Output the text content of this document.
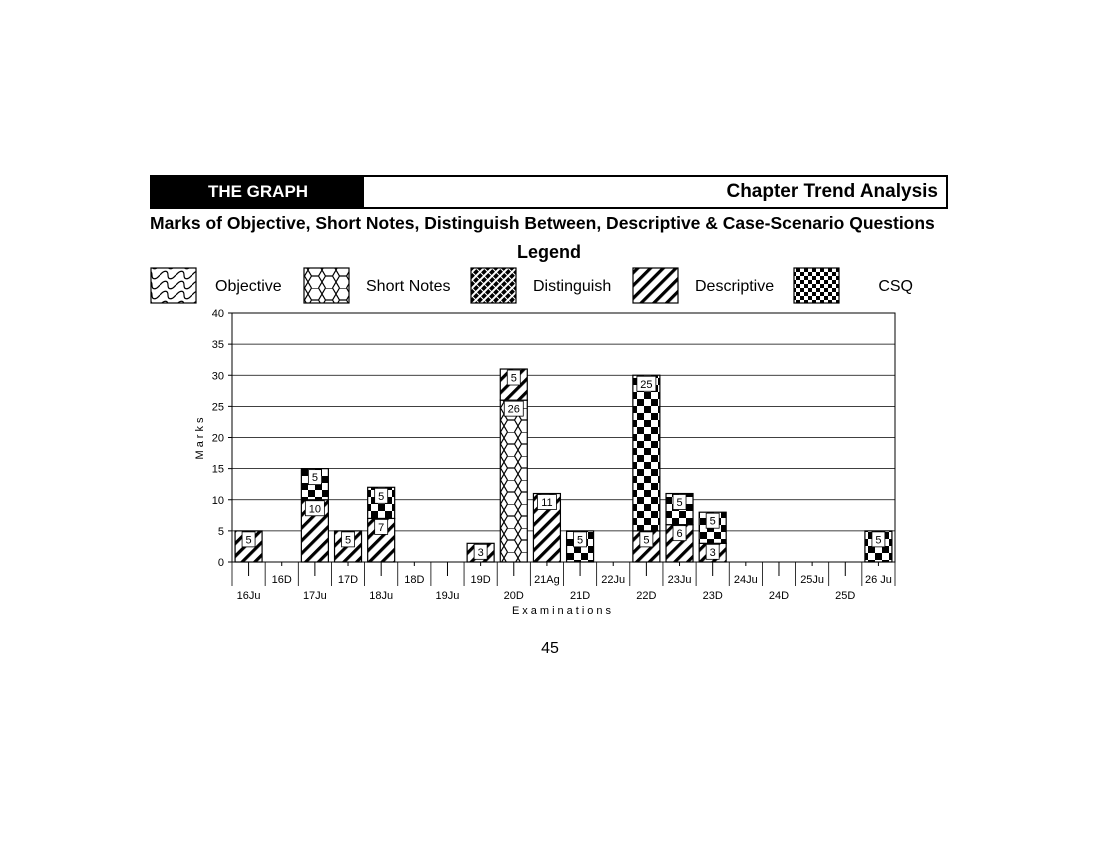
THE GRAPH	Chapter Trend Analysis
Marks of Objective, Short Notes, Distinguish Between, Descriptive & Case-Scenario Questions
Legend
Objective	Short Notes	Distinguish	Descriptive	CSQ
0
5
10
15
20
25
30
35
40
5
10
5
5
7
5
3
26
5
11
5	5
25
6
5
3
5
5
16Ju
16D
17Ju
17D
18Ju
18D
19Ju
19D
20D
21Ag
21D
22Ju
22D
23Ju
23D
24Ju
24D
25Ju
25D
26 Ju
Marks
Examinations
45
